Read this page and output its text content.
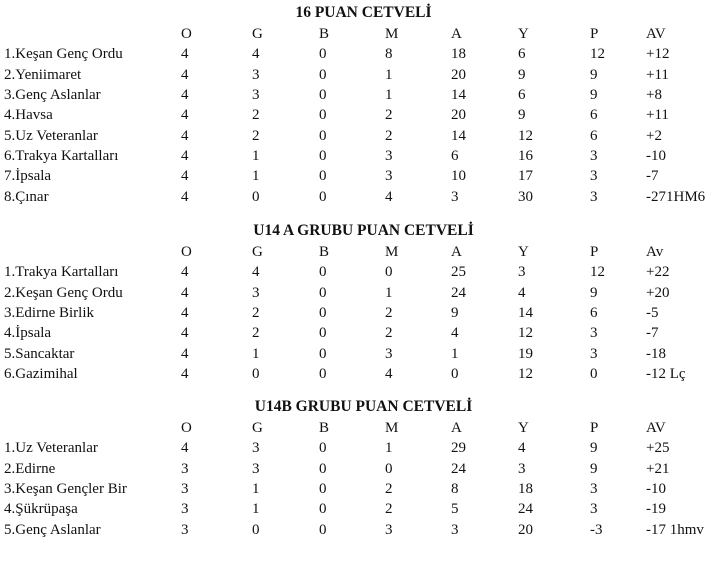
16 PUAN CETVELİ
	O	G	B	M	A	Y	P	AV
1.Keşan Genç Ordu	4	4	0	8	18	6	12	+12
2.Yeniimaret	4	3	0	1	20	9	9	+11
3.Genç Aslanlar	4	3	0	1	14	6	9	+8
4.Havsa	4	2	0	2	20	9	6	+11
5.Uz Veteranlar	4	2	0	2	14	12	6	+2
6.Trakya Kartalları	4	1	0	3	6	16	3	-10
7.İpsala	4	1	0	3	10	17	3	-7
8.Çınar	4	0	0	4	3	30	3	-271HM6
U14 A GRUBU PUAN CETVELİ
	O	G	B	M	A	Y	P	Av
1.Trakya Kartalları	4	4	0	0	25	3	12	+22
2.Keşan Genç Ordu	4	3	0	1	24	4	9	+20
3.Edirne Birlik	4	2	0	2	9	14	6	-5
4.İpsala	4	2	0	2	4	12	3	-7
5.Sancaktar	4	1	0	3	1	19	3	-18
6.Gazimihal	4	0	0	4	0	12	0	-12 Lç
U14B GRUBU PUAN CETVELİ
	O	G	B	M	A	Y	P	AV
1.Uz Veteranlar	4	3	0	1	29	4	9	+25
2.Edirne	3	3	0	0	24	3	9	+21
3.Keşan Gençler Bir	3	1	0	2	8	18	3	-10
4.Şükrüpaşa	3	1	0	2	5	24	3	-19
5.Genç Aslanlar	3	0	0	3	3	20	-3	-17 1hmv
